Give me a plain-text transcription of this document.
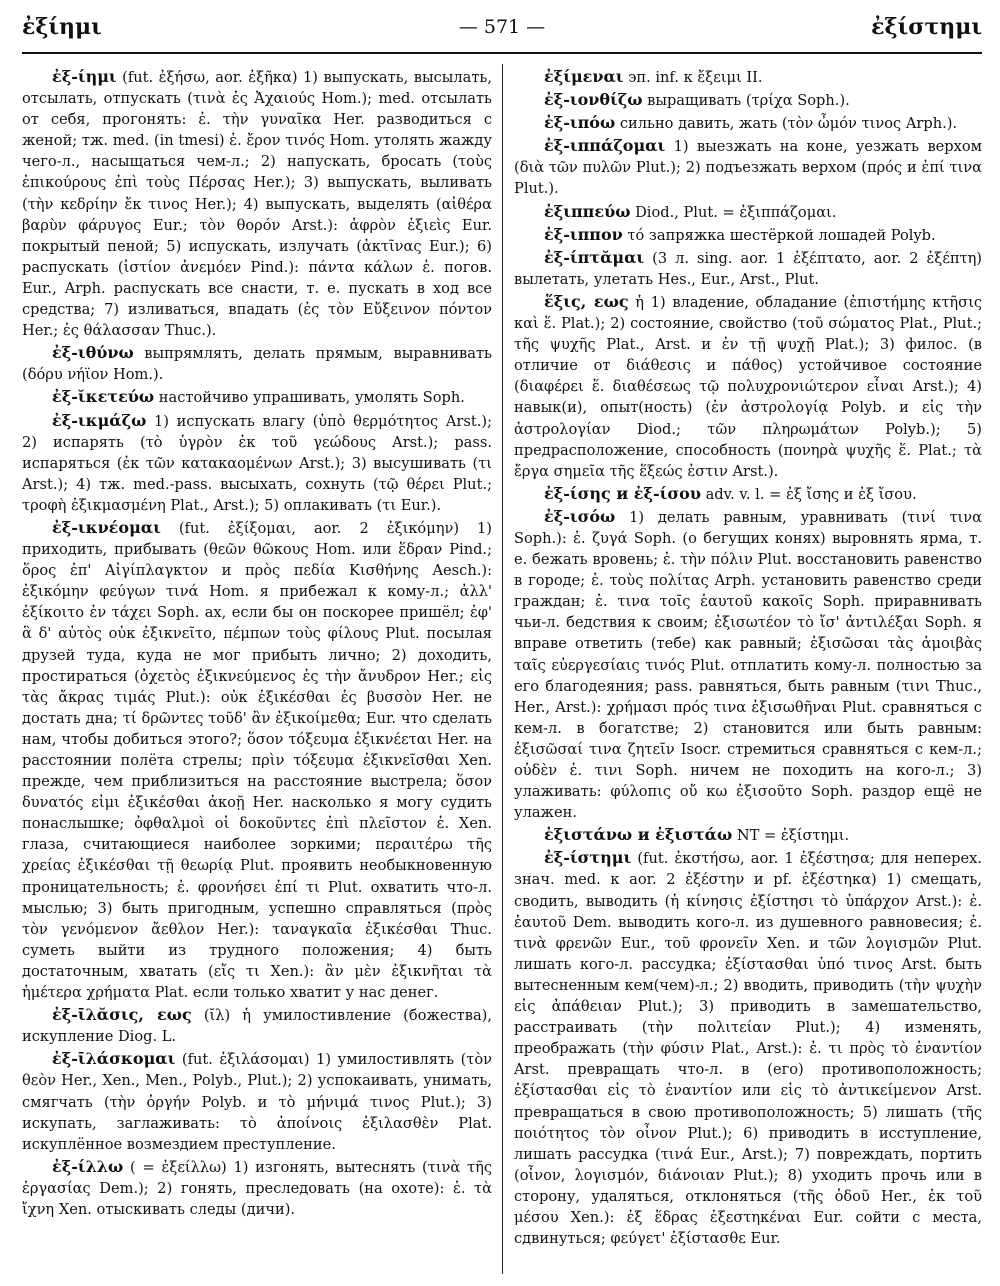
ἐξίημι	— 571 —	ἐξίστημι

ἐξ-ίημι (fut. ἐξήσω, aor. ἐξῆκα) 1) выпускать, высылать, отсылать, отпускать (τινὰ ἐς Ἀχαιούς Hom.); med. отсылать от себя, прогонять: ἐ. τὴν γυναῖκα Her. разводиться с женой; тж. med. (in tmesi) ἐ. ἔρον τινός Hom. утолять жажду чего-л., насыщаться чем-л.; 2) напускать, бросать (τοὺς ἐπικούρους ἐπὶ τοὺς Πέρσας Her.); 3) выпускать, выливать (τὴν κεδρίην ἔκ τινος Her.); 4) выпускать, выделять (αἰθέρα βαρὺν φάρυγος Eur.; τὸν θορόν Arst.): ἀφρὸν ἐξιεὶς Eur. покрытый пеной; 5) испускать, излучать (ἀκτῖνας Eur.); 6) распускать (ἱστίον ἀνεμόεν Pind.): πάντα κάλων ἐ. погов. Eur., Arph. распускать все снасти, т. е. пускать в ход все средства; 7) изливаться, впадать (ἐς τὸν Εὔξεινον πόντον Her.; ἐς θάλασσαν Thuc.).

ἐξ-ιθύνω выпрямлять, делать прямым, выравнивать (δόρυ νήϊον Hom.).

ἐξ-ῐκετεύω настойчиво упрашивать, умолять Soph.

ἐξ-ικμάζω 1) испускать влагу (ὑπὸ θερμότητος Arst.); 2) испарять (τὸ ὑγρὸν ἐκ τοῦ γεώδους Arst.); pass. испаряться (ἐκ τῶν κατακαομένων Arst.); 3) высушивать (τι Arst.); 4) тж. med.-pass. высыхать, сохнуть (τῷ θέρει Plut.; τροφὴ ἐξικμασμένη Plat., Arst.); 5) оплакивать (τι Eur.).

ἐξ-ικνέομαι (fut. ἐξίξομαι, aor. 2 ἐξικόμην) 1) приходить, прибывать (θεῶν θῶκους Hom. или ἕδραν Pind.; ὅρος ἐπ' Αἰγίπλαγκτον и πρὸς πεδία Κισθήνης Aesch.): ἐξικόμην φεύγων τινά Hom. я прибежал к кому-л.; ἀλλ' ἐξίκοιτο ἐν τάχει Soph. ах, если бы он поскорее пришёл; ἐφ' ἃ δ' αὐτὸς οὐκ ἐξικνεῖτο, πέμπων τοὺς φίλους Plut. посылая друзей туда, куда не мог прибыть лично; 2) доходить, простираться (ὀχετὸς ἐξικνεύμενος ἐς τὴν ἄνυδρον Her.; εἰς τὰς ἄκρας τιμάς Plut.): οὐκ ἐξικέσθαι ἐς βυσσὸν Her. не достать дна; τί δρῶντες τοῦδ' ἂν ἐξικοίμεθα; Eur. что сделать нам, чтобы добиться этого?; ὅσον τόξευμα ἐξικνέεται Her. на расстоянии полёта стрелы; πρὶν τόξευμα ἐξικνεῖσθαι Xen. прежде, чем приблизиться на расстояние выстрела; ὅσον δυνατός εἰμι ἐξικέσθαι ἀκοῇ Her. насколько я могу судить понаслышке; ὀφθαλμοὶ οἱ δοκοῦντες ἐπὶ πλεῖστον ἐ. Xen. глаза, считающиеся наиболее зоркими; περαιτέρω τῆς χρείας ἐξικέσθαι τῇ θεωρίᾳ Plut. проявить необыкновенную проницательность; ἐ. φρονήσει ἐπί τι Plut. охватить что-л. мыслью; 3) быть пригодным, успешно справляться (πρὸς τὸν γενόμενον ἄεθλον Her.): ταναγκαῖα ἐξικέσθαι Thuc. суметь выйти из трудного положения; 4) быть достаточным, хватать (εἴς τι Xen.): ἂν μὲν ἐξικνῆται τὰ ἡμέτερα χρήματα Plat. если только хватит у нас денег.

ἐξ-ῑλᾰσις, εως (ῐλ) ἡ умилостивление (божества), искупление Diog. L.

ἐξ-ῑλάσκομαι (fut. ἐξιλάσομαι) 1) умилостивлять (τὸν θεὸν Her., Xen., Men., Polyb., Plut.); 2) успокаивать, унимать, смягчать (τὴν ὀργήν Polyb. и τὸ μήνιμά τινος Plut.); 3) искупать, заглаживать: τὸ ἀποίνοις ἐξιλασθὲν Plat. искуплённое возмездием преступление.

ἐξ-ίλλω ( = ἐξείλλω) 1) изгонять, вытеснять (τινὰ τῆς ἐργασίας Dem.); 2) гонять, преследовать (на охоте): ἐ. τὰ ἴχνη Xen. отыскивать следы (дичи).

ἐξίμεναι эп. inf. к ἔξειμι II.

ἐξ-ιονθίζω выращивать (τρίχα Soph.).

ἐξ-ιπόω сильно давить, жать (τὸν ὦμόν τινος Arph.).

ἐξ-ιππάζομαι 1) выезжать на коне, уезжать верхом (διὰ τῶν πυλῶν Plut.); 2) подъезжать верхом (πρός и ἐπί τινα Plut.).

ἐξιππεύω Diod., Plut. = ἐξιππάζομαι.

ἐξ-ιππον τό запряжка шестёркой лошадей Polyb.

ἐξ-ίπτᾰμαι (3 л. sing. aor. 1 ἐξέπτατο, aor. 2 ἐξέπτη) вылетать, улетать Hes., Eur., Arst., Plut.

ἕξις, εως ἡ 1) владение, обладание (ἐπιστήμης κτῆσις καὶ ἕ. Plat.); 2) состояние, свойство (τοῦ σώματος Plat., Plut.; τῆς ψυχῆς Plat., Arst. и ἐν τῇ ψυχῇ Plat.); 3) филос. (в отличие от διάθεσις и πάθος) устойчивое состояние (διαφέρει ἕ. διαθέσεως τῷ πολυχρονιώτερον εἶναι Arst.); 4) навык(и), опыт(ность) (ἐν ἀστρολογίᾳ Polyb. и εἰς τὴν ἀστρολογίαν Diod.; τῶν πληρωμάτων Polyb.); 5) предрасположение, способность (πονηρὰ ψυχῆς ἕ. Plat.; τὰ ἔργα σημεῖα τῆς ἕξεώς ἐστιν Arst.).

ἐξ-ίσης и ἐξ-ίσου adv. v. l. = ἐξ ἴσης и ἐξ ἴσου.

ἐξ-ισόω 1) делать равным, уравнивать (τινί τινα Soph.): ἐ. ζυγά Soph. (о бегущих конях) выровнять ярма, т. е. бежать вровень; ἐ. τὴν πόλιν Plut. восстановить равенство в городе; ἐ. τοὺς πολίτας Arph. установить равенство среди граждан; ἐ. τινα τοῖς ἑαυτοῦ κακοῖς Soph. приравнивать чьи-л. бедствия к своим; ἐξισωτέον τὸ ἴσ' ἀντιλέξαι Soph. я вправе ответить (тебе) как равный; ἐξισῶσαι τὰς ἀμοιβὰς ταῖς εὐεργεσίαις τινός Plut. отплатить кому-л. полностью за его благодеяния; pass. равняться, быть равным (τινι Thuc., Her., Arst.): χρήμασι πρός τινα ἐξισωθῆναι Plut. сравняться с кем-л. в богатстве; 2) становится или быть равным: ἐξισῶσαί τινα ζητεῖν Isocr. стремиться сравняться с кем-л.; οὐδὲν ἐ. τινι Soph. ничем не походить на кого-л.; 3) улаживать: φύλοπις οὔ κω ἐξισοῦτο Soph. раздор ещё не улажен.

ἐξιστάνω и ἐξιστάω NT = ἐξίστημι.

ἐξ-ίστημι (fut. ἐκστήσω, aor. 1 ἐξέστησα; для неперех. знач. med. к aor. 2 ἐξέστην и pf. ἐξέστηκα) 1) смещать, сводить, выводить (ἡ κίνησις ἐξίστησι τὸ ὑπάρχον Arst.): ἐ. ἑαυτοῦ Dem. выводить кого-л. из душевного равновесия; ἐ. τινὰ φρενῶν Eur., τοῦ φρονεῖν Xen. и τῶν λογισμῶν Plut. лишать кого-л. рассудка; ἐξίστασθαι ὑπό τινος Arst. быть вытесненным кем(чем)-л.; 2) вводить, приводить (τὴν ψυχὴν εἰς ἀπάθειαν Plut.); 3) приводить в замешательство, расстраивать (τὴν πολιτείαν Plut.); 4) изменять, преображать (τὴν φύσιν Plat., Arst.): ἐ. τι πρὸς τὸ ἐναντίον Arst. превращать что-л. в (его) противоположность; ἐξίστασθαι εἰς τὸ ἐναντίον или εἰς τὸ ἀντικείμενον Arst. превращаться в свою противоположность; 5) лишать (τῆς ποιότητος τὸν οἶνον Plut.); 6) приводить в исступление, лишать рассудка (τινά Eur., Arst.); 7) повреждать, портить (οἶνον, λογισμόν, διάνοιαν Plut.); 8) уходить прочь или в сторону, удаляться, отклоняться (τῆς ὁδοῦ Her., ἐκ τοῦ μέσου Xen.): ἐξ ἕδρας ἐξεστηκέναι Eur. сойти с места, сдвинуться; φεύγετ' ἐξίστασθε Eur.
